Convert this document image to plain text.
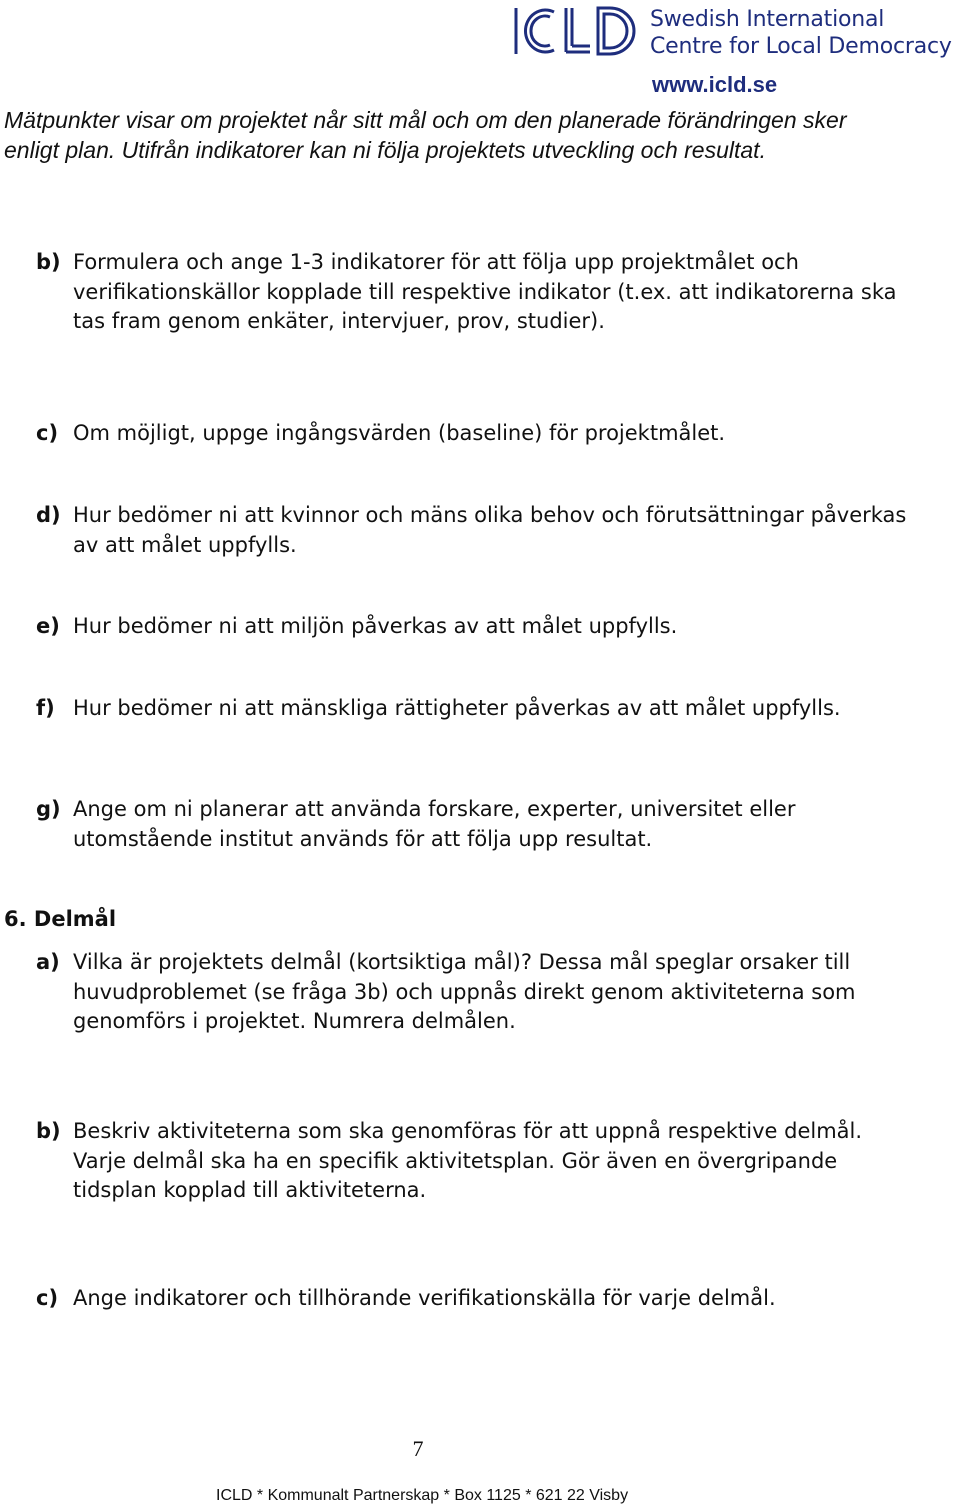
Swedish International
Centre for Local Democracy
www.icld.se

Mätpunkter visar om projektet når sitt mål och om den planerade förändringen sker enligt plan. Utifrån indikatorer kan ni följa projektets utveckling och resultat.

b) Formulera och ange 1-3 indikatorer för att följa upp projektmålet och verifikationskällor kopplade till respektive indikator (t.ex. att indikatorerna ska tas fram genom enkäter, intervjuer, prov, studier).
c) Om möjligt, uppge ingångsvärden (baseline) för projektmålet.
d) Hur bedömer ni att kvinnor och mäns olika behov och förutsättningar påverkas av att målet uppfylls.
e) Hur bedömer ni att miljön påverkas av att målet uppfylls.
f) Hur bedömer ni att mänskliga rättigheter påverkas av att målet uppfylls.
g) Ange om ni planerar att använda forskare, experter, universitet eller utomstående institut används för att följa upp resultat.
6. Delmål
a) Vilka är projektets delmål (kortsiktiga mål)? Dessa mål speglar orsaker till huvudproblemet (se fråga 3b) och uppnås direkt genom aktiviteterna som genomförs i projektet. Numrera delmålen.
b) Beskriv aktiviteterna som ska genomföras för att uppnå respektive delmål. Varje delmål ska ha en specifik aktivitetsplan. Gör även en övergripande tidsplan kopplad till aktiviteterna.
c) Ange indikatorer och tillhörande verifikationskälla för varje delmål.
7
ICLD * Kommunalt Partnerskap * Box 1125 * 621 22 Visby
